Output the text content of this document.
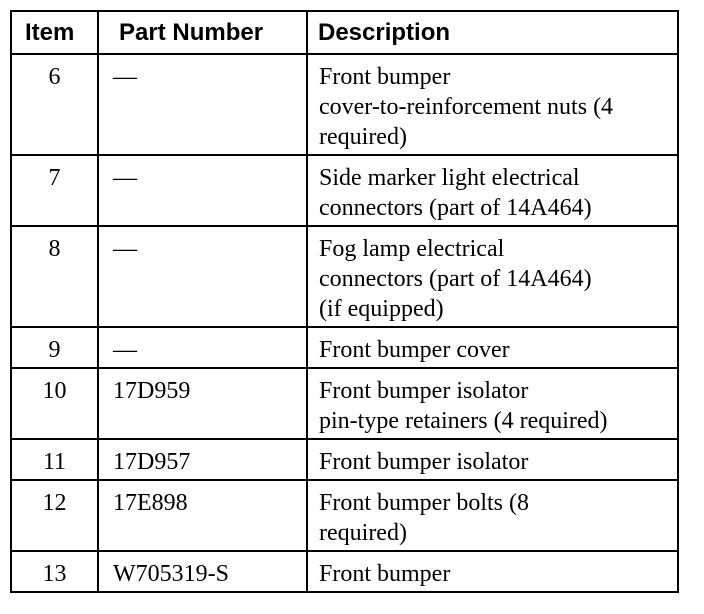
Item	Part Number	Description
6	—	Front bumper
cover-to-reinforcement nuts (4
required)

7	—	Side marker light electrical
connectors (part of 14A464)

8	—	Fog lamp electrical
connectors (part of 14A464)
(if equipped)

9	—	Front bumper cover

10	17D959	Front bumper isolator
pin-type retainers (4 required)

11	17D957	Front bumper isolator

12	17E898	Front bumper bolts (8
required)

13	W705319-S	Front bumper
